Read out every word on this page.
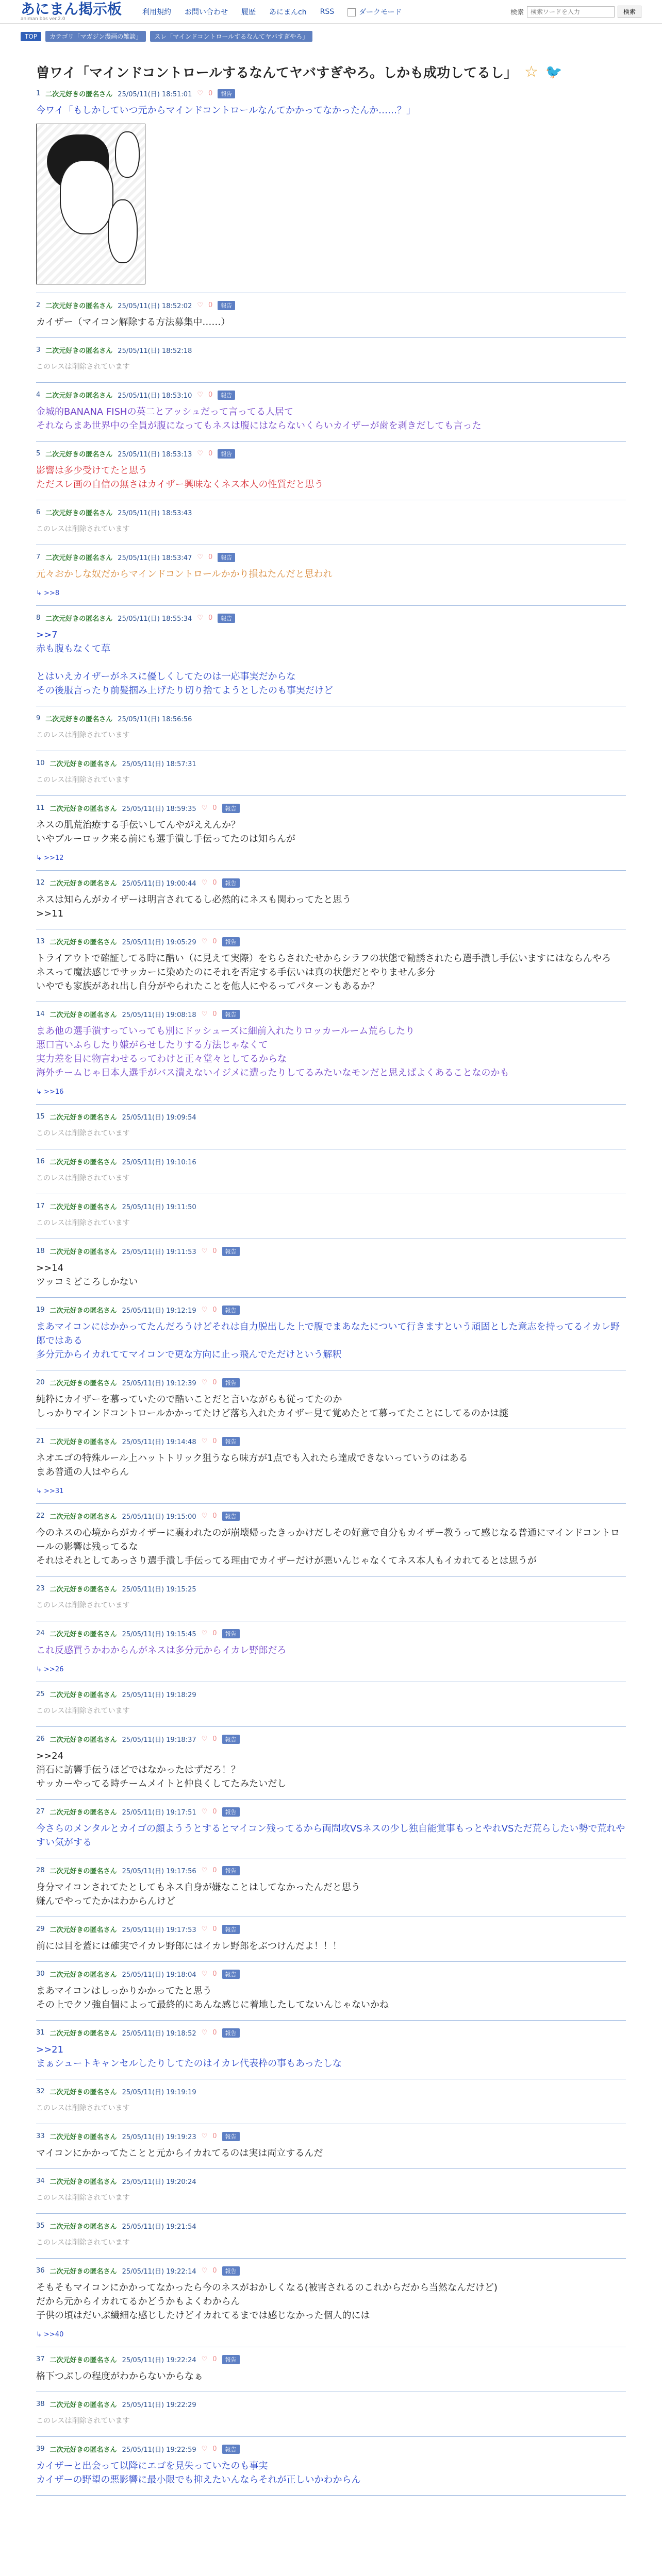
あにまん掲示板
animan bbs ver.2.0
利用規約 お問い合わせ 履歴 あにまんch RSS	ダークモード	検索
検索ワードを入力	検索
TOP	カテゴリ「マガジン漫画の雑談」	スレ「マインドコントロールするなんてヤバすぎやろ」
曽ワイ「マインドコントロールするなんてヤバすぎやろ。しかも成功してるし」 ☆ 🐦
1 二次元好きの匿名さん 25/05/11(日) 18:51:01 ♡ 0	報告
今ワイ「もしかしていつ元からマインドコントロールなんてかかってなかったんか……？」
2 二次元好きの匿名さん 25/05/11(日) 18:52:02 ♡ 0	報告
カイザー（マイコン解除する方法募集中……）
3 二次元好きの匿名さん 25/05/11(日) 18:52:18
このレスは削除されています
4 二次元好きの匿名さん 25/05/11(日) 18:53:10 ♡ 0	報告
金城的BANANA FISHの英二とアッシュだって言ってる人居て
それならまあ世界中の全員が腹になってもネスは腹にはならないくらいカイザーが歯を剥きだしても言った
5 二次元好きの匿名さん 25/05/11(日) 18:53:13 ♡ 0	報告
影響は多少受けてたと思う
ただスレ画の自信の無さはカイザー興味なくネス本人の性質だと思う
6 二次元好きの匿名さん 25/05/11(日) 18:53:43
このレスは削除されています
7 二次元好きの匿名さん 25/05/11(日) 18:53:47 ♡ 0	報告
元々おかしな奴だからマインドコントロールかかり損ねたんだと思われ
↳ >>8
8 二次元好きの匿名さん 25/05/11(日) 18:55:34 ♡ 0	報告
>>7
赤も腹もなくて草

とはいえカイザーがネスに優しくしてたのは一応事実だからな
その後服言ったり前髪掴み上げたり切り捨てようとしたのも事実だけど
9 二次元好きの匿名さん 25/05/11(日) 18:56:56
このレスは削除されています
10 二次元好きの匿名さん 25/05/11(日) 18:57:31
このレスは削除されています
11 二次元好きの匿名さん 25/05/11(日) 18:59:35 ♡ 0	報告
ネスの肌荒治療する手伝いしてんやがええんか？
いやブルーロック来る前にも選手潰し手伝ってたのは知らんが
↳ >>12
12 二次元好きの匿名さん 25/05/11(日) 19:00:44 ♡ 0	報告
ネスは知らんがカイザーは明言されてるし必然的にネスも関わってたと思う
>>11
13 二次元好きの匿名さん 25/05/11(日) 19:05:29 ♡ 0	報告
トライアウトで確証してる時に酷い（に見えて実際）をちらされたせからシラフの状態で勧誘されたら選手潰し手伝いますにはならんやろ
ネスって魔法感じでサッカーに染めたのにそれを否定する手伝いは真の状態だとやりません多分
いやでも家族があれ出し自分がやられたことを他人にやるってパターンもあるか？
14 二次元好きの匿名さん 25/05/11(日) 19:08:18 ♡ 0	報告
まあ他の選手潰すっていっても別にドッシューズに細前入れたりロッカールーム荒らしたり
悪口言いふらしたり嫌がらせしたりする方法じゃなくて
実力差を目に物言わせるってわけと正々堂々としてるからな
海外チームじゃ日本人選手がバス潰えないイジメに遭ったりしてるみたいなモンだと思えばよくあることなのかも
↳ >>16
15 二次元好きの匿名さん 25/05/11(日) 19:09:54
このレスは削除されています
16 二次元好きの匿名さん 25/05/11(日) 19:10:16
このレスは削除されています
17 二次元好きの匿名さん 25/05/11(日) 19:11:50
このレスは削除されています
18 二次元好きの匿名さん 25/05/11(日) 19:11:53 ♡ 0	報告
>>14
ツッコミどころしかない
19 二次元好きの匿名さん 25/05/11(日) 19:12:19 ♡ 0	報告
まあマイコンにはかかってたんだろうけどそれは自力脱出した上で腹でまあなたについて行きますという頑固とした意志を持ってるイカレ野郎ではある
多分元からイカれててマイコンで更な方向に止っ飛んでただけという解釈
20 二次元好きの匿名さん 25/05/11(日) 19:12:39 ♡ 0	報告
純粋にカイザーを慕っていたので酷いことだと言いながらも従ってたのか
しっかりマインドコントロールかかってたけど落ち入れたカイザー見て覚めたとて慕ってたことにしてるのかは謎
21 二次元好きの匿名さん 25/05/11(日) 19:14:48 ♡ 0	報告
ネオエゴの特殊ルール上ハットトリック狙うなら味方が1点でも入れたら達成できないっていうのはある
まあ普通の人はやらん
↳ >>31
22 二次元好きの匿名さん 25/05/11(日) 19:15:00 ♡ 0	報告
今のネスの心境からがカイザーに裏われたのが崩壊帰ったきっかけだしその好意で自分もカイザー教うって感じなる普通にマインドコントロールの影響は残ってるな
それはそれとしてあっさり選手潰し手伝ってる理由でカイザーだけが悪いんじゃなくてネス本人もイカれてるとは思うが
23 二次元好きの匿名さん 25/05/11(日) 19:15:25
このレスは削除されています
24 二次元好きの匿名さん 25/05/11(日) 19:15:45 ♡ 0	報告
これ反感買うかわからんがネスは多分元からイカレ野郎だろ
↳ >>26
25 二次元好きの匿名さん 25/05/11(日) 19:18:29
このレスは削除されています
26 二次元好きの匿名さん 25/05/11(日) 19:18:37 ♡ 0	報告
>>24
消石に訪響手伝うほどではなかったはずだろ！？
サッカーやってる時チームメイトと仲良くしてたみたいだし
27 二次元好きの匿名さん 25/05/11(日) 19:17:51 ♡ 0	報告
今さらのメンタルとカイゴの顔よううとするとマイコン残ってるから両問攻VSネスの少し独自能覚事もっとやれVSただ荒らしたい勢で荒れやすい気がする
28 二次元好きの匿名さん 25/05/11(日) 19:17:56 ♡ 0	報告
身分マイコンされてたとしてもネス自身が嫌なことはしてなかったんだと思う
嫌んでやってたかはわからんけど
29 二次元好きの匿名さん 25/05/11(日) 19:17:53 ♡ 0	報告
前には目を蓋には確実でイカレ野郎にはイカレ野郎をぶつけんだよ！！！
30 二次元好きの匿名さん 25/05/11(日) 19:18:04 ♡ 0	報告
まあマイコンはしっかりかかってたと思う
その上でクソ強自個によって最終的にあんな感じに着地したしてないんじゃないかね
31 二次元好きの匿名さん 25/05/11(日) 19:18:52 ♡ 0	報告
>>21
まぁシュートキャンセルしたりしてたのはイカレ代表枠の事もあったしな
32 二次元好きの匿名さん 25/05/11(日) 19:19:19
このレスは削除されています
33 二次元好きの匿名さん 25/05/11(日) 19:19:23 ♡ 0	報告
マイコンにかかってたことと元からイカれてるのは実は両立するんだ
34 二次元好きの匿名さん 25/05/11(日) 19:20:24
このレスは削除されています
35 二次元好きの匿名さん 25/05/11(日) 19:21:54
このレスは削除されています
36 二次元好きの匿名さん 25/05/11(日) 19:22:14 ♡ 0	報告
そもそもマイコンにかかってなかったら今のネスがおかしくなる(被害されるのこれからだから当然なんだけど)
だから元からイカれてるかどうかもよくわからん
子供の頃はだいぶ繊細な感じしたけどイカれてるまでは感じなかった個人的には
↳ >>40
37 二次元好きの匿名さん 25/05/11(日) 19:22:24 ♡ 0	報告
格下つぶしの程度がわからないからなぁ
38 二次元好きの匿名さん 25/05/11(日) 19:22:29
このレスは削除されています
39 二次元好きの匿名さん 25/05/11(日) 19:22:59 ♡ 0	報告
カイザーと出会って以降にエゴを見失っていたのも事実
カイザーの野望の悪影響に最小限でも抑えたいんならそれが正しいかわからん
